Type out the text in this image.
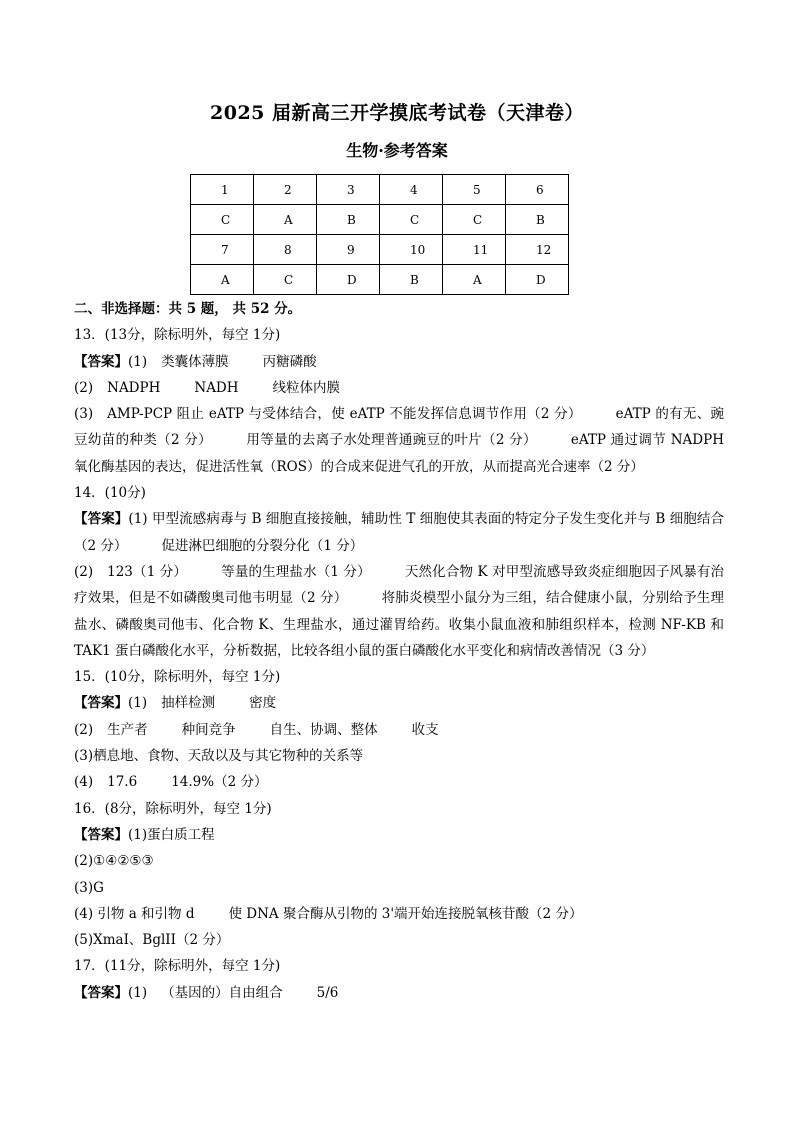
2025 届新高三开学摸底考试卷（天津卷）
生物·参考答案
1	2	3	4	5	6
C	A	B	C	C	B
7	8	9	10	11	12
A	C	D	B	A	D
二、非选择题：共 5 题， 共 52 分。
13．(13分，除标明外，每空 1分)
【答案】(1) 类囊体薄膜	丙糖磷酸
(2) NADPH	NADH	线粒体内膜
(3) AMP-PCP 阻止 eATP 与受体结合，使 eATP 不能发挥信息调节作用（2 分）	eATP 的有无、豌豆幼苗的种类（2 分）	用等量的去离子水处理普通豌豆的叶片（2 分）	eATP 通过调节 NADPH 氧化酶基因的表达，促进活性氧（ROS）的合成来促进气孔的开放，从而提高光合速率（2 分）
14．(10分)
【答案】(1) 甲型流感病毒与 B 细胞直接接触，辅助性 T 细胞使其表面的特定分子发生变化并与 B 细胞结合（2 分）	促进淋巴细胞的分裂分化（1 分）
(2) 123（1 分）	等量的生理盐水（1 分）	天然化合物 K 对甲型流感导致炎症细胞因子风暴有治疗效果，但是不如磷酸奥司他韦明显（2 分）	将肺炎模型小鼠分为三组，结合健康小鼠，分别给予生理盐水、磷酸奥司他韦、化合物 K、生理盐水，通过灌胃给药。收集小鼠血液和肺组织样本，检测 NF-KB 和 TAK1 蛋白磷酸化水平，分析数据，比较各组小鼠的蛋白磷酸化水平变化和病情改善情况（3 分）
15．(10分，除标明外，每空 1分)
【答案】(1) 抽样检测	密度
(2) 生产者	种间竞争	自生、协调、整体	收支
(3)栖息地、食物、天敌以及与其它物种的关系等
(4) 17.6	14.9%（2 分）
16．(8分，除标明外，每空 1分)
【答案】(1)蛋白质工程
(2)①④②⑤③
(3)G
(4) 引物 a 和引物 d	使 DNA 聚合酶从引物的 3'端开始连接脱氧核苷酸（2 分）
(5)XmaI、BglII（2 分）
17．(11分，除标明外，每空 1分)
【答案】(1) （基因的）自由组合	5/6
